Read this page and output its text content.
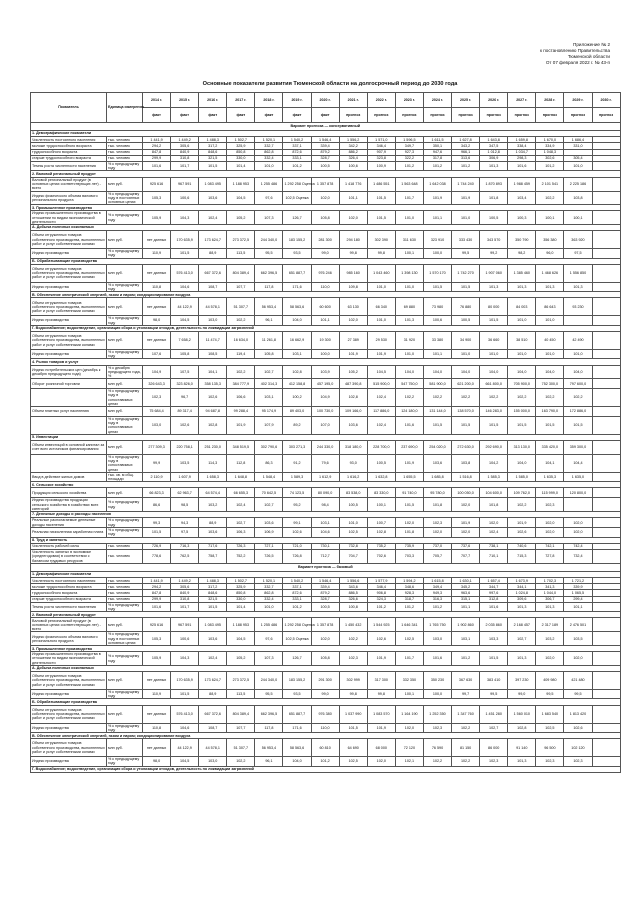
Приложение № 2
к постановлению Правительства
Тюменской области
От 07 февраля 2022 г. № 43-п
Основные показатели развития Тюменской области на долгосрочный период до 2030 года
Показатель	Единица измерения	2014 г.	2015 г.	2016 г.	2017 г.	2018 г.	2019 г.	2020 г.	2021 г.	2022 г.	2023 г.	2024 г.	2025 г.	2026 г.	2027 г.	2028 г.	2029 г.	2030 г.
		факт	факт	факт	факт	факт	факт	факт	прогноз	прогноз	прогноз	прогноз	прогноз	прогноз	прогноз	прогноз	прогноз	прогноз
Вариант прогноза — консервативный																		
1. Демографические показатели																		
Численность постоянного населения	тыс. человек	1 441,9	1 449,2	1 488,3	1 502,7	1 520,1	1 540,2	1 546,4	1 556,2	1 571,0	1 596,5	1 611,5	1 627,8	1 643,8	1 659,8	1 670,0	1 686,4	
моложе трудоспособного возраста	тыс. человек	294,2	305,6	317,2	325,9	332,7	337,1	339,4	342,2	346,4	349,7	350,1	343,2	347,5	338,4	334,9	331,0	
трудоспособного возраста	тыс. человек	847,8	840,9	848,6	850,8	862,8	872,6	879,2	886,2	907,9	927,3	947,6	966,1	1 012,8	1 034,7	1 048,3		
старше трудоспособного возраста	тыс. человек	299,9	310,8	321,5	330,0	332,4	333,1	328,7	326,4	323,8	322,2	317,8	313,6	306,9	298,3	302,6	305,4	
Темпы роста численности населения	% к предыдущему году	101,6	101,7	101,5	101,4	101,0	101,2	100,5	100,6	100,9	101,2	101,2	101,2	101,3	101,6	101,2	101,0	
2. Валовой региональный продукт																		
Валовой региональный продукт (в основных ценах соответствующих лет) - всего	млн руб.	925 616	967 591	1 083 495	1 188 953	1 255 486	1 292 258 Оценка	1 357 878	1 418 776	1 486 551	1 563 648	1 642 038	1 744 240	1 870 893	1 988 459	2 101 541	2 225 186	
Индекс физического объема валового регионального продукта	% к предыдущему году в постоянных основных ценах	105,3	100,6	103,6	104,5	97,6	102,5 Оценка	102,0	101,1	101,5	101,7	101,9	101,9	101,8	103,4	102,2	103,8	
3. Промышленное производство																		
Индекс промышленного производства в отношении по видам экономической деятельности	% к предыдущему году	105,9	104,3	102,4	105,2	107,3	126,7	105,8	102,0	101,5	101,0	101,1	101,0	100,5	100,3	100,1	100,1	
А. Добыча полезных ископаемых																		
Объем отгруженных товаров собственного производства, выполненных работ и услуг собственными силами	млн руб.	нет данных	170 635,9	173 624,7	273 372,5	244 340,0	183 155,2	281 300	294 180	302 390	311 630	323 910	333 430	343 570	350 790	356 380	363 920	
Индекс производства	% к предыдущему году	110,9	101,5	88,9	113,5	95,5	93,5	99,0	99,8	99,8	100,1	100,0	99,5	99,2	98,2	96,0	97,5	
Б. Обрабатывающие производства																		
Объем отгруженных товаров собственного производства, выполненных работ и услуг собственными силами	млн руб.	нет данных	576 413,0	667 372,6	804 389,4	662 396,5	651 887,7	976 246	985 160	1 043 460	1 398 130	1 570 170	1 742 270	1 907 060	1 385 460	1 468 626	1 556 850	
Индекс производства	% к предыдущему году	110,8	104,6	108,7	107,7	117,8	171,6	110,0	109,8	101,0	101,0	101,5	101,5	101,3	101,3	101,3	101,3	
В. Обеспечение электрической энергией, газом и паром; кондиционирование воздуха																		
Объем отгруженных товаров собственного производства, выполненных работ и услуг собственными силами	млн руб.	нет данных	44 122,9	44 578,1	51 307,7	56 953,4	58 563,6	60 600	63 130	66 340	69 880	73 980	76 880	80 000	84 003	86 643	93 230	
Индекс производства	% к предыдущему году	98,0	104,5	103,0	102,2	96,1	104,0	101,1	102,0	101,0	101,3	100,6	100,5	101,5	101,0	101,0		
Г. Водоснабжение; водоотведение, организация сбора и утилизации отходов, деятельность по ликвидации загрязнений																		
Объем отгруженных товаров собственного производства, выполненных работ и услуг собственными силами	млн руб.	нет данных	7 658,2	11 474,7	16 634,0	11 261,8	16 662,9	19 300	27 389	29 530	31 920	33 380	34 900	36 660	38 510	40 450	42 490	
Индекс производства	% к предыдущему году	107,6	105,8	108,5	119,4	105,8	103,1	100,0	101,9	101,9	101,0	101,1	101,0	101,0	101,0	101,0	101,0	
4. Рынок товаров и услуг																		
Индекс потребительских цен (декабрь к декабрю предыдущего года)	% к декабрю предыдущего года, %	104,9	107,5	104,1	102,2	102,7	102,8	103,9	105,2	104,5	104,0	104,0	104,0	104,0	104,0	104,0	104,0	
Оборот розничной торговли	млн руб.	326 643,3	323 826,0	358 135,3	384 777,9	402 314,3	412 158,8	457 195,0	487 390,8	515 900,0	547 750,0	581 900,0	621 200,0	661 800,0	705 900,0	752 300,0	797 600,0	
	% к предыдущему году в сопоставимых ценах	102,3	96,7	102,6	106,6	103,1	100,2	104,9	102,8	102,4	102,2	102,2	102,2	102,2	102,2	102,2	102,2	
Объем платных услуг населению	млн руб.	75 684,4	89 317,4	94 687,8	99 288,4	95 174,9	89 403,0	100 730,0	109 166,0	117 886,0	124 180,0	131 144,0	138 570,0	146 283,0	155 000,0	163 790,0	172 886,0	
	% к предыдущему году в сопоставимых ценах	103,0	102,6	102,8	101,9	107,9	89,2	107,0	103,6	102,4	101,6	101,5	101,5	101,5	101,5	101,5	101,5	
5. Инвестиции																		
Объем инвестиций в основной капитал за счет всех источников финансирования	млн руб.	277 309,3	220 758,1	251 230,0	348 519,5	302 790,6	303 271,3	244 330,0	318 180,0	228 700,0	237 690,0	254 020,0	272 630,0	292 690,0	313 130,0	335 420,0	359 300,0	
	% к предыдущему году в сопоставимых ценах	99,9	103,5	114,3	112,8	86,3	91,2	79,6	93,0	100,5	101,9	103,6	103,8	104,2	104,0	104,1	104,4	
Ввод в действие жилых домов	тыс. кв. м общ. площади	2 110,9	1 607,9	1 658,3	1 648,8	1 548,4	1 589,3	1 612,9	1 616,2	1 632,8	1 655,5	1 685,8	1 516,8	1 585,3	1 585,0	1 635,3	1 635,0	
6. Сельское хозяйство																		
Продукция сельского хозяйства	млн руб.	66 823,3	62 963,7	64 574,4	66 655,3	70 642,5	74 123,5	80 090,0	83 538,0	83 330,0	91 740,0	95 780,0	100 050,0	104 600,0	109 762,0	115 999,0	120 800,0	
Индекс производства продукции сельского хозяйства в хозяйствах всех категорий	% к предыдущему году	86,6	98,5	103,2	102,4	102,7	95,2	98,4	100,5	100,1	101,5	101,8	102,0	101,8	102,2	102,3		
7. Денежные доходы и расходы населения																		
Реальные располагаемые денежные доходы населения	% к предыдущему году	99,3	94,3	88,9	102,7	103,6	99,1	103,1	101,0	100,7	102,0	102,3	101,9	102,0	101,9	102,0	102,0	
Реальная начисленная заработная плата	% к предыдущему году	101,5	97,5	103,6	106,3	106,9	102,6	104,6	102,5	102,8	101,8	102,0	102,0	102,4	102,6	102,0	102,0	
8. Труд и занятость																		
Численность рабочей силы	тыс. человек	726,9	716,3	717,6	726,3	727,1	721,0	730,1	732,8	735,2	735,9	737,0	737,6	738,1	740,6	742,1	742,4	
Численность занятых в экономике (среднегодовая) в соответствии с балансом трудовых ресурсов	тыс. человек	778,6	762,5	758,7	752,2	726,5	726,8	712,7	704,7	702,6	703,3	705,7	707,7	710,1	715,3	727,8	732,4	
Вариант прогноза — базовый																		
1. Демографические показатели																		
Численность постоянного населения	тыс. человек	1 441,9	1 449,2	1 488,3	1 502,7	1 520,1	1 540,2	1 546,4	1 556,6	1 577,9	1 594,2	1 615,8	1 630,1	1 657,4	1 673,9	1 702,3	1 721,2	
моложе трудоспособного возраста	тыс. человек	294,2	305,6	317,2	325,9	332,7	337,1	339,4	343,6	346,4	348,6	349,4	345,2	344,7	344,1	341,3	339,9	
трудоспособного возраста	тыс. человек	847,8	840,9	848,6	850,8	862,8	872,6	879,2	886,5	906,8	928,3	949,3	963,6	997,6	1 024,8	1 044,0	1 065,5	
старше трудоспособного возраста	тыс. человек	299,9	310,8	321,5	330,0	332,4	333,1	328,7	326,6	324,3	318,7	316,3	315,1	312,8	309,6	306,7	299,4	
Темпы роста численности населения	% к предыдущему году	101,6	101,7	101,5	101,4	101,0	101,2	100,5	100,8	101,2	101,2	101,2	101,1	101,6	101,3	101,3	101,1	
2. Валовой региональный продукт																		
Валовой региональный продукт (в основных ценах соответствующих лет) - всего	млн руб.	925 616	967 591	1 083 495	1 188 953	1 255 486	1 292 258 Оценка	1 357 878	1 450 432	1 544 925	1 646 341	1 765 750	1 902 860	2 035 860	2 168 457	2 317 189	2 476 501	
Индекс физического объема валового регионального продукта	% к предыдущему году в постоянных основных ценах	105,3	100,6	103,6	104,5	97,6	102,5 Оценка	102,0	102,2	102,6	102,5	103,0	103,1	103,3	102,7	103,2	103,5	
3. Промышленное производство																		
Индекс промышленного производства в отношении по видам экономической деятельности	% к предыдущему году	105,9	104,3	102,4	105,2	107,3	126,7	105,8	102,3	101,9	101,7	101,6	101,2	101,5	101,3	102,0	102,0	
А. Добыча полезных ископаемых																		
Объем отгруженных товаров собственного производства, выполненных работ и услуг собственными силами	млн руб.	нет данных	170 635,9	173 624,7	273 372,5	244 340,0	183 155,2	291 300	302 999	317 300	332 350	350 230	367 630	383 410	397 230	409 980	421 480	
Индекс производства	% к предыдущему году	110,9	101,5	88,9	113,5	95,5	93,5	99,0	99,8	99,8	100,1	100,0	99,7	99,5	99,0	99,5	99,5	
Б. Обрабатывающие производства																		
Объем отгруженных товаров собственного производства, выполненных работ и услуг собственными силами	млн руб.	нет данных	576 413,0	667 372,6	804 389,4	662 396,5	651 887,7	976 380	1 037 990	1 083 570	1 164 190	1 252 350	1 347 760	1 451 280	1 560 010	1 683 540	1 813 420	
Индекс производства	% к предыдущему году	110,8	104,6	108,7	107,7	117,8	171,6	110,0	101,5	101,9	102,0	102,3	102,2	102,7	102,8	102,5	102,6	
В. Обеспечение электрической энергией, газом и паром; кондиционирование воздуха																		
Объем отгруженных товаров собственного производства, выполненных работ и услуг собственными силами	млн руб.	нет данных	44 122,9	44 578,1	51 307,7	56 953,4	58 563,6	60 810	64 690	68 000	72 120	76 590	81 150	86 000	91 140	96 500	102 120	
Индекс производства	% к предыдущему году	98,0	104,5	103,0	102,2	96,1	104,0	101,2	102,5	102,0	102,1	102,2	102,2	102,3	101,3	102,3	102,3	
Г. Водоснабжение; водоотведение, организация сбора и утилизации отходов, деятельность по ликвидации загрязнений																		
